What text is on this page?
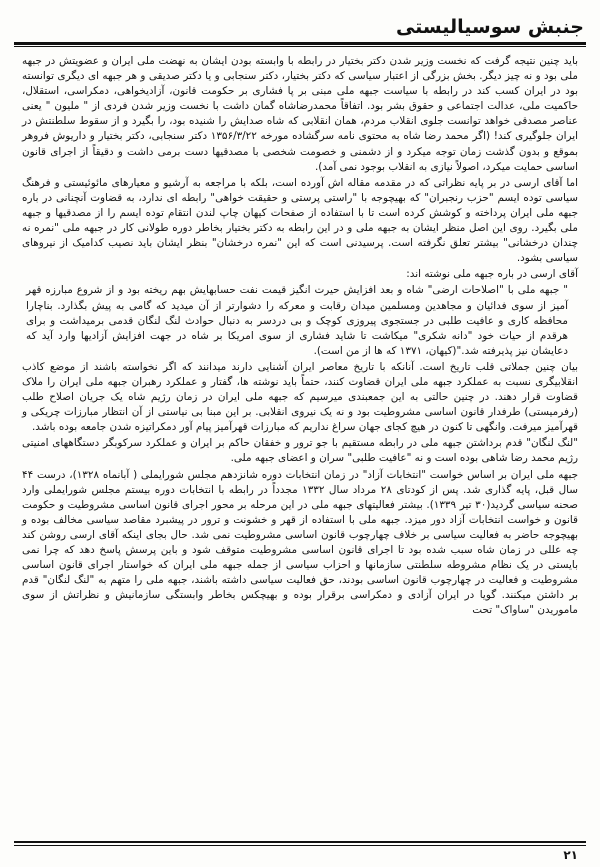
جنبش سوسیالیستی

باید چنین نتیجه گرفت که نخست وزیر شدن دکتر بختیار در رابطه با وابسته بودن ایشان به نهضت ملی ایران و عضویتش در جبهه ملی بود و نه چیز دیگر. بخش بزرگی از اعتبار سیاسی که دکتر بختیار، دکتر سنجابی و یا دکتر صدیقی و هر جبهه ای دیگری توانسته بود در ایران کسب کند در رابطه با سیاست جبهه ملی مبنی بر پا فشاری بر حکومت قانون، آزادیخواهی، دمکراسی، استقلال، حاکمیت ملی، عدالت اجتماعی و حقوق بشر بود. اتفاقاً محمدرضاشاه گمان داشت با نخست وزیر شدن فردی از " ملیون " یعنی عناصر مصدقی خواهد توانست جلوی انقلاب مردم، همان انقلابی که شاه صدایش را شنیده بود، را بگیرد و از سقوط سلطنتش در ایران جلوگیری کند! (اگر محمد رضا شاه به محتوی نامه سرگشاده مورخه ۱۳۵۶/۳/۲۲ دکتر سنجابی، دکتر بختیار و داریوش فروهر بموقع و بدون گذشت زمان توجه میکرد و از دشمنی و خصومت شخصی با مصدقیها دست برمی داشت و دقیقاً از اجرای قانون اساسی حمایت میکرد، اصولاً نیازی به انقلاب بوجود نمی آمد).

اما آقای ارسی در بر پایه نظراتی که در مقدمه مقاله اش آورده است، بلکه با مراجعه به آرشیو و معیارهای مائوئیستی و فرهنگ سیاسی توده ایسم "حزب رنجبران" که بهیچوجه با "راستی پرستی و حقیقت خواهی" رابطه ای ندارد، به قضاوت آنچنانی در باره جبهه ملی ایران پرداخته و کوشش کرده است تا با استفاده از صفحات کیهان چاپ لندن انتقام توده ایسم را از مصدقیها و جبهه ملی بگیرد. روی این اصل منظر ایشان به جبهه ملی و در این رابطه به دکتر بختیار بخاطر دوره طولانی کار در جبهه ملی "نمره نه چندان درخشانی" بیشتر تعلق نگرفته است. پرسیدنی است که این "نمره درخشان" بنظر ایشان باید نصیب کدامیک از نیروهای سیاسی بشود.

آقای ارسی در باره جبهه ملی نوشته اند:

" جبهه ملی با "اصلاحات ارضی" شاه و بعد افزایش حیرت انگیز قیمت نفت حسابهایش بهم ریخته بود و از شروع مبارزه قهر آمیز از سوی فدائیان و مجاهدین ومسلمین میدان رقابت و معرکه را دشوارتر از آن میدید که گامی به پیش بگذارد. بناچارا محافظه کاری و عافیت طلبی در جستجوی پیروزی کوچک و بی دردسر به دنبال حوادث لنگ لنگان قدمی برمیداشت و برای هرقدم از حیات خود "دانه شکری" میکاشت تا شاید فشاری از سوی امریکا بر شاه در جهت افزایش آزادیها وارد آید که دعایشان نیز پذیرفته شد."(کیهان، ۱۳۷۱ که ها از من است).

بیان چنین جملاتی قلب تاریخ است. آنانکه با تاریخ معاصر ایران آشنایی دارند میدانند که اگر نخواسته باشند از موضع کاذب انقلابیگری نسبت به عملکرد جبهه ملی ایران قضاوت کنند، حتماً باید نوشته ها، گفتار و عملکرد رهبران جبهه ملی ایران را ملاک قضاوت قرار دهند. در چنین حالتی به این جمعبندی میرسیم که جبهه ملی ایران در زمان رژیم شاه یک جریان اصلاح طلب (رفرمیستی) طرفدار قانون اساسی مشروطیت بود و نه یک نیروی انقلابی. بر این مبنا بی نیاستی از آن انتظار مبارزات چریکی و قهرآمیز میرفت. وانگهی تا کنون در هیچ کجای جهان سراغ نداریم که مبارزات قهرآمیز پیام آور دمکراتیزه شدن جامعه بوده باشد.

"لنگ لنگان" قدم برداشتن جبهه ملی در رابطه مستقیم با جو ترور و خفقان حاکم بر ایران و عملکرد سرکوبگر دستگاههای امنیتی رژیم محمد رضا شاهی بوده است و نه "عافیت طلبی" سران و اعضای جبهه ملی.

جبهه ملی ایران بر اساس خواست "انتخابات آزاد" در زمان انتخابات دوره شانزدهم مجلس شورایملی ( آبانماه ۱۳۲۸)، درست ۴۴ سال قبل، پایه گذاری شد. پس از کودتای ۲۸ مرداد سال ۱۳۳۲ مجدداً در رابطه با انتخابات دوره بیستم مجلس شورایملی وارد صحنه سیاسی گردید(۳۰ تیر ۱۳۳۹). بیشتر فعالیتهای جبهه ملی در این مرحله بر محور اجرای قانون اساسی مشروطیت و حکومت قانون و خواست انتخابات آزاد دور میزد. جبهه ملی با استفاده از قهر و خشونت و ترور در پیشبرد مقاصد سیاسی مخالف بوده و بهیچوجه حاضر به فعالیت سیاسی بر خلاف چهارچوب قانون اساسی مشروطیت نمی شد. حال بجای اینکه آقای ارسی روشن کند چه عللی در زمان شاه سبب شده بود تا اجرای قانون اساسی مشروطیت متوقف شود و باین پرسش پاسخ دهد که چرا نمی بایستی در یک نظام مشروطه سلطنتی سازمانها و احزاب سیاسی از جمله جبهه ملی ایران که خواستار اجرای قانون اساسی مشروطیت و فعالیت در چهارچوب قانون اساسی بودند، حق فعالیت سیاسی داشته باشند، جبهه ملی را متهم به "لنگ لنگان" قدم بر داشتن میکنند. گویا در ایران آزادی و دمکراسی برقرار بوده و بهیچکس بخاطر وابستگی سازمانیش و نظراتش از سوی ماموریدن "ساواک" تحت

۲۱
